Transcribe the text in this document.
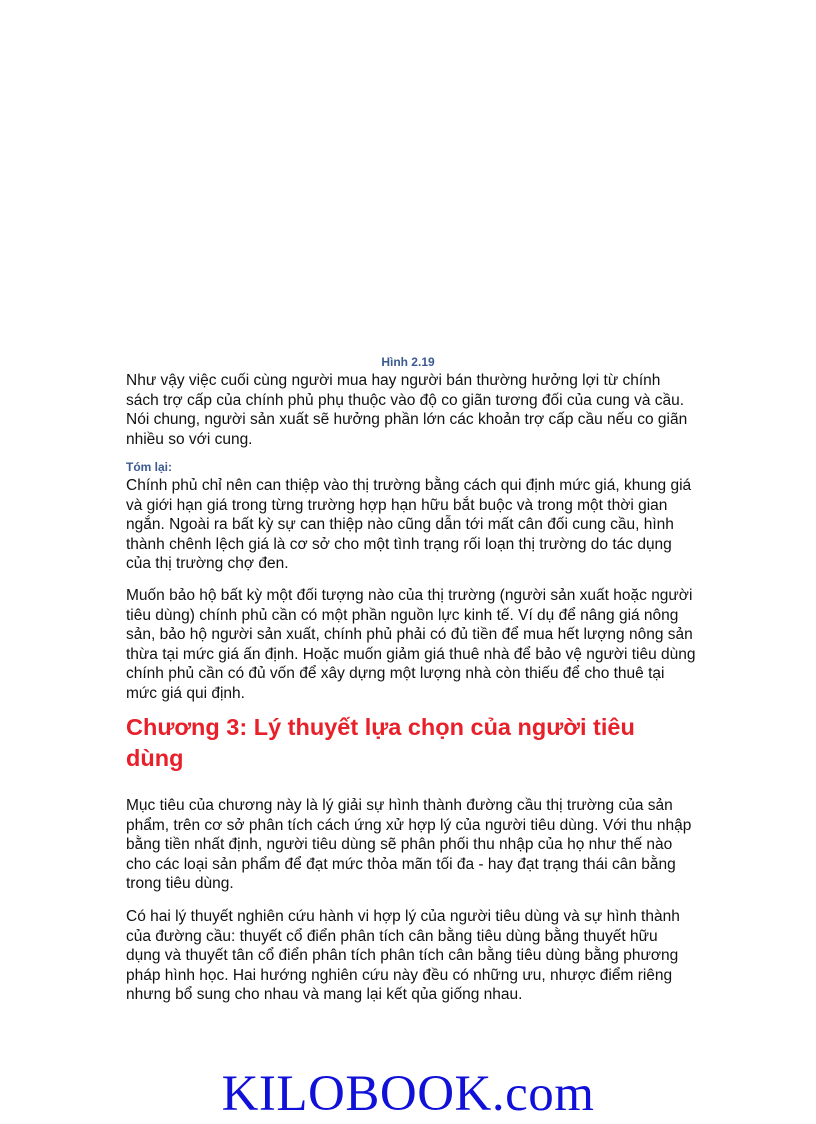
Hình 2.19

Như vậy việc cuối cùng người mua hay người bán thường hưởng lợi từ chính sách trợ cấp của chính phủ phụ thuộc vào độ co giãn tương đối của cung và cầu. Nói chung, người sản xuất sẽ hưởng phần lớn các khoản trợ cấp cầu nếu co giãn nhiều so với cung.

Tóm lại:

Chính phủ chỉ nên can thiệp vào thị trường bằng cách qui định mức giá, khung giá và giới hạn giá trong từng trường hợp hạn hữu bắt buộc và trong một thời gian ngắn. Ngoài ra bất kỳ sự can thiệp nào cũng dẫn tới mất cân đối cung cầu, hình thành chênh lệch giá là cơ sở cho một tình trạng rối loạn thị trường do tác dụng của thị trường chợ đen.

Muốn bảo hộ bất kỳ một đối tượng nào của thị trường (người sản xuất hoặc người tiêu dùng) chính phủ cần có một phần nguồn lực kinh tế. Ví dụ để nâng giá nông sản, bảo hộ người sản xuất, chính phủ phải có đủ tiền để mua hết lượng nông sản thừa tại mức giá ấn định. Hoặc muốn giảm giá thuê nhà để bảo vệ người tiêu dùng chính phủ cần có đủ vốn để xây dựng một lượng nhà còn thiếu để cho thuê tại mức giá qui định.

Chương 3: Lý thuyết lựa chọn của người tiêu dùng

Mục tiêu của chương này là lý giải sự hình thành đường cầu thị trường của sản phẩm, trên cơ sở phân tích cách ứng xử hợp lý của người tiêu dùng. Với thu nhập bằng tiền nhất định, người tiêu dùng sẽ phân phối thu nhập của họ như thế nào cho các loại sản phẩm để đạt mức thỏa mãn tối đa - hay đạt trạng thái cân bằng trong tiêu dùng.

Có hai lý thuyết nghiên cứu hành vi hợp lý của người tiêu dùng và sự hình thành của đường cầu: thuyết cổ điển phân tích cân bằng tiêu dùng bằng thuyết hữu dụng và thuyết tân cổ điển phân tích phân tích cân bằng tiêu dùng bằng phương pháp hình học. Hai hướng nghiên cứu này đều có những ưu, nhược điểm riêng nhưng bổ sung cho nhau và mang lại kết qủa giống nhau.

KILOBOOK.com
